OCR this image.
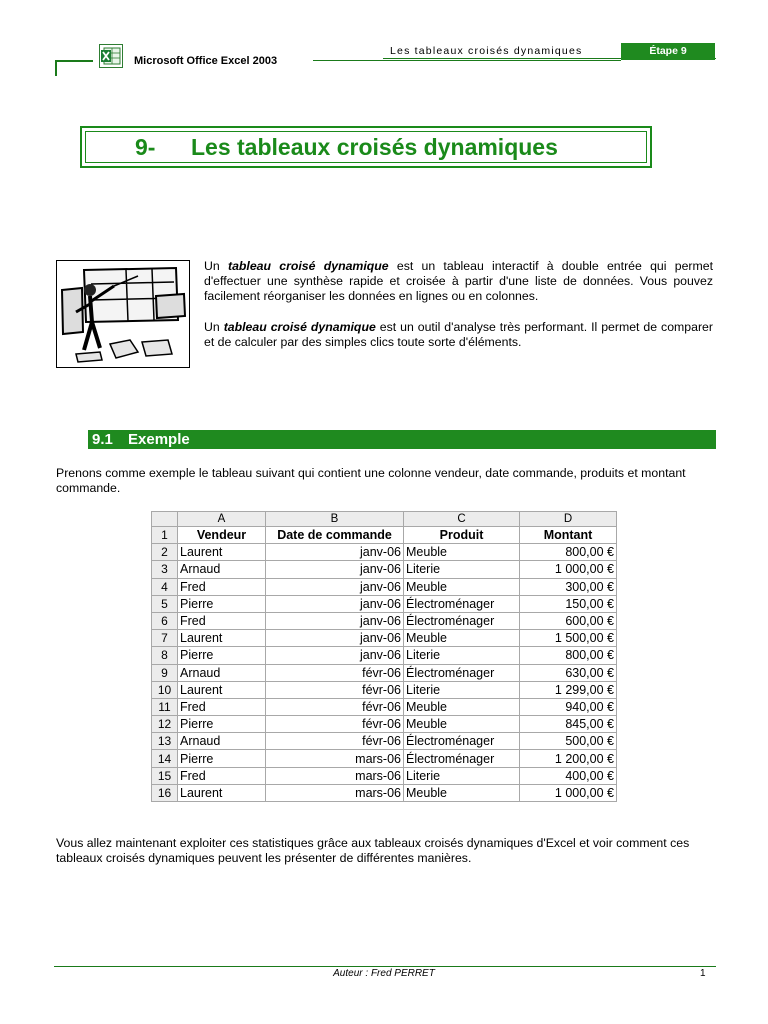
Microsoft Office Excel 2003
Les tableaux croisés dynamiques	Étape 9
9- Les tableaux croisés dynamiques

Un tableau croisé dynamique est un tableau interactif à double entrée qui permet d'effectuer une synthèse rapide et croisée à partir d'une liste de données. Vous pouvez facilement réorganiser les données en lignes ou en colonnes.

Un tableau croisé dynamique est un outil d'analyse très performant. Il permet de comparer et de calculer par des simples clics toute sorte d'éléments.

9.1 Exemple
Prenons comme exemple le tableau suivant qui contient une colonne vendeur, date commande, produits et montant commande.
	A	B	C	D
1	Vendeur	Date de commande	Produit	Montant
2	Laurent	janv-06	Meuble	800,00 €
3	Arnaud	janv-06	Literie	1 000,00 €
4	Fred	janv-06	Meuble	300,00 €
5	Pierre	janv-06	Électroménager	150,00 €
6	Fred	janv-06	Électroménager	600,00 €
7	Laurent	janv-06	Meuble	1 500,00 €
8	Pierre	janv-06	Literie	800,00 €
9	Arnaud	févr-06	Électroménager	630,00 €
10	Laurent	févr-06	Literie	1 299,00 €
11	Fred	févr-06	Meuble	940,00 €
12	Pierre	févr-06	Meuble	845,00 €
13	Arnaud	févr-06	Électroménager	500,00 €
14	Pierre	mars-06	Électroménager	1 200,00 €
15	Fred	mars-06	Literie	400,00 €
16	Laurent	mars-06	Meuble	1 000,00 €
Vous allez maintenant exploiter ces statistiques grâce aux tableaux croisés dynamiques d'Excel et voir comment ces tableaux croisés dynamiques peuvent les présenter de différentes manières.
Auteur : Fred PERRET	1
